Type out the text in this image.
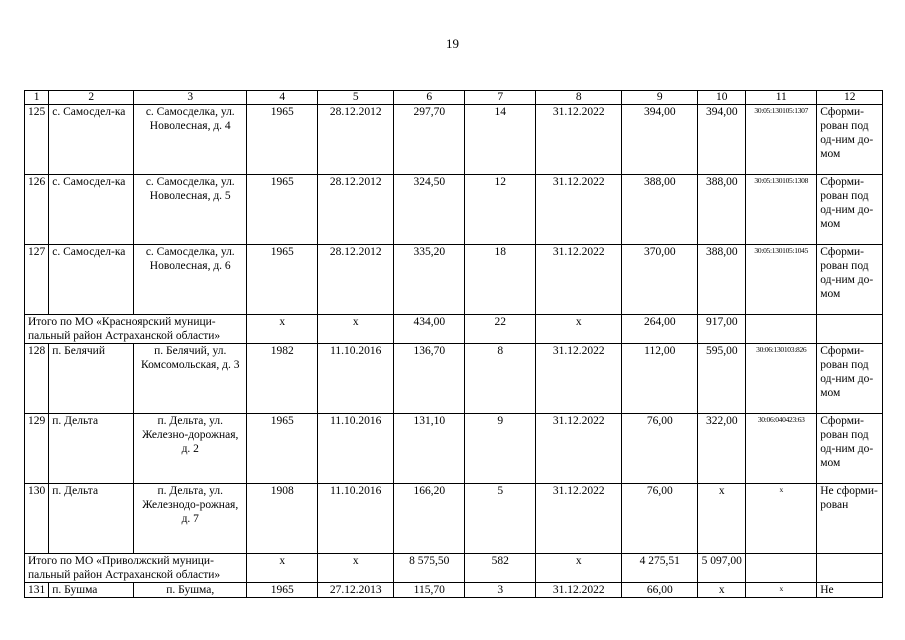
19
1	2	3	4	5	6	7	8	9	10	11	12
125	с. Самосдел-ка	с. Самосделка, ул. Новолесная, д. 4	1965	28.12.2012	297,70	14	31.12.2022	394,00	394,00	30:05:130105:1307	Сформи-рован под од-ним до-мом
126	с. Самосдел-ка	с. Самосделка, ул. Новолесная, д. 5	1965	28.12.2012	324,50	12	31.12.2022	388,00	388,00	30:05:130105:1308	Сформи-рован под од-ним до-мом
127	с. Самосдел-ка	с. Самосделка, ул. Новолесная, д. 6	1965	28.12.2012	335,20	18	31.12.2022	370,00	388,00	30:05:130105:1045	Сформи-рован под од-ним до-мом
Итого по МО «Красноярский муници-пальный район Астраханской области»			x	x	434,00	22	x	264,00	917,00		
128	п. Белячий	п. Белячий, ул. Комсомольская, д. 3	1982	11.10.2016	136,70	8	31.12.2022	112,00	595,00	30:06:130103:826	Сформи-рован под од-ним до-мом
129	п. Дельта	п. Дельта, ул. Железно-дорожная, д. 2	1965	11.10.2016	131,10	9	31.12.2022	76,00	322,00	30:06:040423:63	Сформи-рован под од-ним до-мом
130	п. Дельта	п. Дельта, ул. Железнодо-рожная, д. 7	1908	11.10.2016	166,20	5	31.12.2022	76,00	x	x	Не сформи-рован
Итого по МО «Приволжский муници-пальный район Астраханской области»			x	x	8 575,50	582	x	4 275,51	5 097,00		
131	п. Бушма	п. Бушма,	1965	27.12.2013	115,70	3	31.12.2022	66,00	x	x	Не
